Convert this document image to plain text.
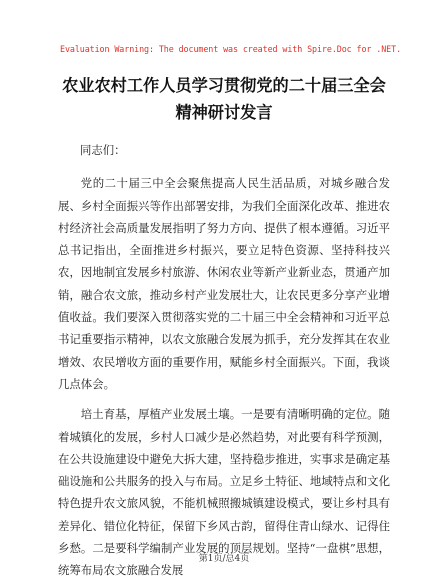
Evaluation Warning: The document was created with Spire.Doc for .NET.
农业农村工作人员学习贯彻党的二十届三全会精神研讨发言

同志们：

党的二十届三中全会聚焦提高人民生活品质，对城乡融合发展、乡村全面振兴等作出部署安排，为我们全面深化改革、推进农村经济社会高质量发展指明了努力方向、提供了根本遵循。习近平总书记指出，全面推进乡村振兴，要立足特色资源、坚持科技兴农，因地制宜发展乡村旅游、休闲农业等新产业新业态，贯通产加销，融合农文旅，推动乡村产业发展壮大，让农民更多分享产业增值收益。我们要深入贯彻落实党的二十届三中全会精神和习近平总书记重要指示精神，以农文旅融合发展为抓手，充分发挥其在农业增效、农民增收方面的重要作用，赋能乡村全面振兴。下面，我谈几点体会。

培土育基，厚植产业发展土壤。一是要有清晰明确的定位。随着城镇化的发展，乡村人口减少是必然趋势，对此要有科学预测，在公共设施建设中避免大拆大建，坚持稳步推进，实事求是确定基础设施和公共服务的投入与布局。立足乡土特征、地域特点和文化特色提升农文旅风貌，不能机械照搬城镇建设模式，要让乡村具有差异化、错位化特征，保留下乡风古韵，留得住青山绿水、记得住乡愁。二是要科学编制产业发展的顶层规划。坚持“一盘棋”思想，统筹布局农文旅融合发展

第1页/总4页
